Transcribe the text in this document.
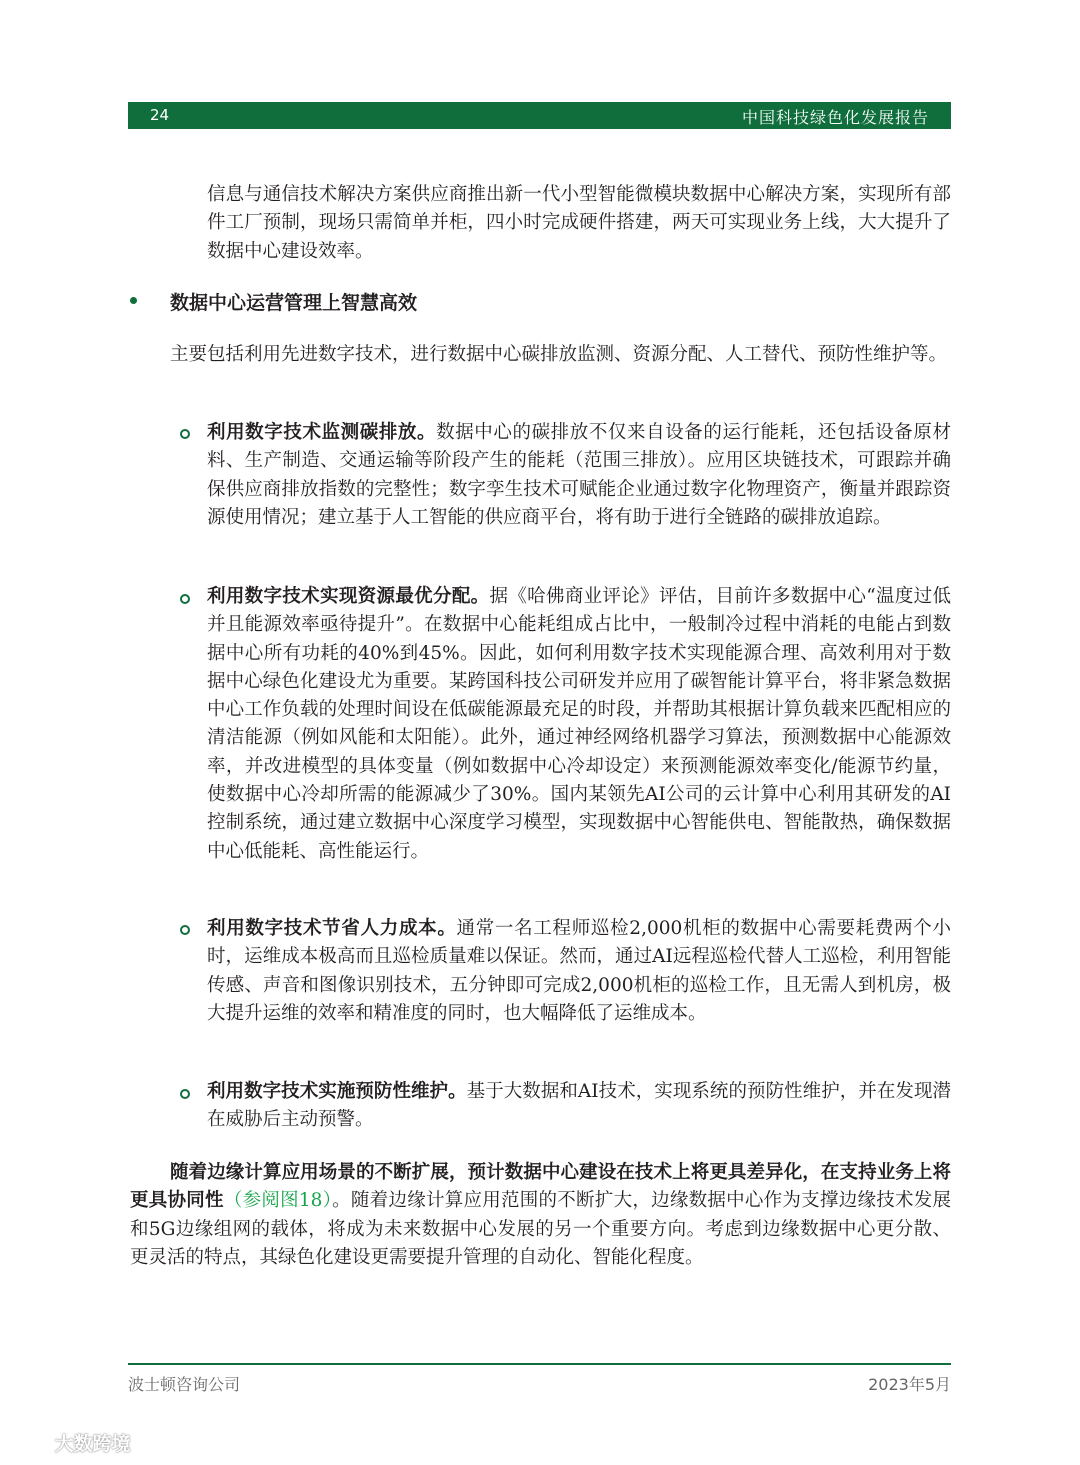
24	中国科技绿色化发展报告

信息与通信技术解决方案供应商推出新一代小型智能微模块数据中心解决方案，实现所有部件工厂预制，现场只需简单并柜，四小时完成硬件搭建，两天可实现业务上线，大大提升了数据中心建设效率。

数据中心运营管理上智慧高效

主要包括利用先进数字技术，进行数据中心碳排放监测、资源分配、人工替代、预防性维护等。

利用数字技术监测碳排放。数据中心的碳排放不仅来自设备的运行能耗，还包括设备原材料、生产制造、交通运输等阶段产生的能耗（范围三排放）。应用区块链技术，可跟踪并确保供应商排放指数的完整性；数字孪生技术可赋能企业通过数字化物理资产，衡量并跟踪资源使用情况；建立基于人工智能的供应商平台，将有助于进行全链路的碳排放追踪。

利用数字技术实现资源最优分配。据《哈佛商业评论》评估，目前许多数据中心“温度过低并且能源效率亟待提升”。在数据中心能耗组成占比中，一般制冷过程中消耗的电能占到数据中心所有功耗的40%到45%。因此，如何利用数字技术实现能源合理、高效利用对于数据中心绿色化建设尤为重要。某跨国科技公司研发并应用了碳智能计算平台，将非紧急数据中心工作负载的处理时间设在低碳能源最充足的时段，并帮助其根据计算负载来匹配相应的清洁能源（例如风能和太阳能）。此外，通过神经网络机器学习算法，预测数据中心能源效率，并改进模型的具体变量（例如数据中心冷却设定）来预测能源效率变化/能源节约量，使数据中心冷却所需的能源减少了30%。国内某领先AI公司的云计算中心利用其研发的AI控制系统，通过建立数据中心深度学习模型，实现数据中心智能供电、智能散热，确保数据中心低能耗、高性能运行。

利用数字技术节省人力成本。通常一名工程师巡检2,000机柜的数据中心需要耗费两个小时，运维成本极高而且巡检质量难以保证。然而，通过AI远程巡检代替人工巡检，利用智能传感、声音和图像识别技术，五分钟即可完成2,000机柜的巡检工作，且无需人到机房，极大提升运维的效率和精准度的同时，也大幅降低了运维成本。

利用数字技术实施预防性维护。基于大数据和AI技术，实现系统的预防性维护，并在发现潜在威胁后主动预警。

随着边缘计算应用场景的不断扩展，预计数据中心建设在技术上将更具差异化，在支持业务上将更具协同性（参阅图18）。随着边缘计算应用范围的不断扩大，边缘数据中心作为支撑边缘技术发展和5G边缘组网的载体，将成为未来数据中心发展的另一个重要方向。考虑到边缘数据中心更分散、更灵活的特点，其绿色化建设更需要提升管理的自动化、智能化程度。

波士顿咨询公司	2023年5月
大数跨境
